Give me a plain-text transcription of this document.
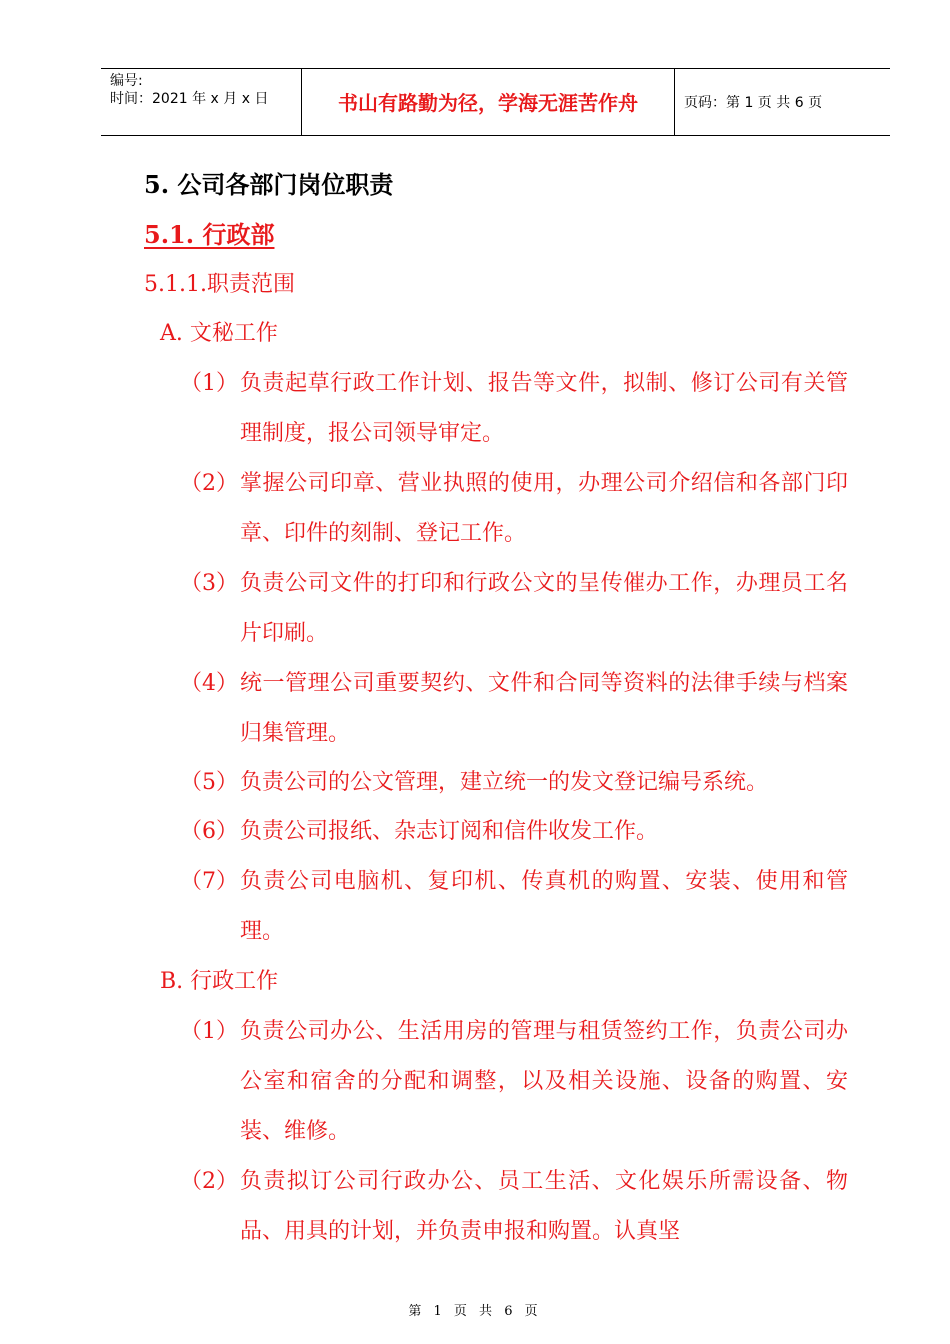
编号:
时间：2021 年 x 月 x 日	书山有路勤为径，学海无涯苦作舟	页码：第 1 页 共 6 页
5. 公司各部门岗位职责
5.1. 行政部
5.1.1.职责范围
A. 文秘工作
（1） 负责起草行政工作计划、报告等文件，拟制、修订公司有关管理制度，报公司领导审定。
（2） 掌握公司印章、营业执照的使用，办理公司介绍信和各部门印章、印件的刻制、登记工作。
（3） 负责公司文件的打印和行政公文的呈传催办工作，办理员工名片印刷。
（4） 统一管理公司重要契约、文件和合同等资料的法律手续与档案归集管理。
（5） 负责公司的公文管理，建立统一的发文登记编号系统。
（6） 负责公司报纸、杂志订阅和信件收发工作。
（7） 负责公司电脑机、复印机、传真机的购置、安装、使用和管理。
B. 行政工作
（1） 负责公司办公、生活用房的管理与租赁签约工作，负责公司办公室和宿舍的分配和调整，以及相关设施、设备的购置、安装、维修。
（2） 负责拟订公司行政办公、员工生活、文化娱乐所需设备、物品、用具的计划，并负责申报和购置。认真坚
第 1 页 共 6 页
